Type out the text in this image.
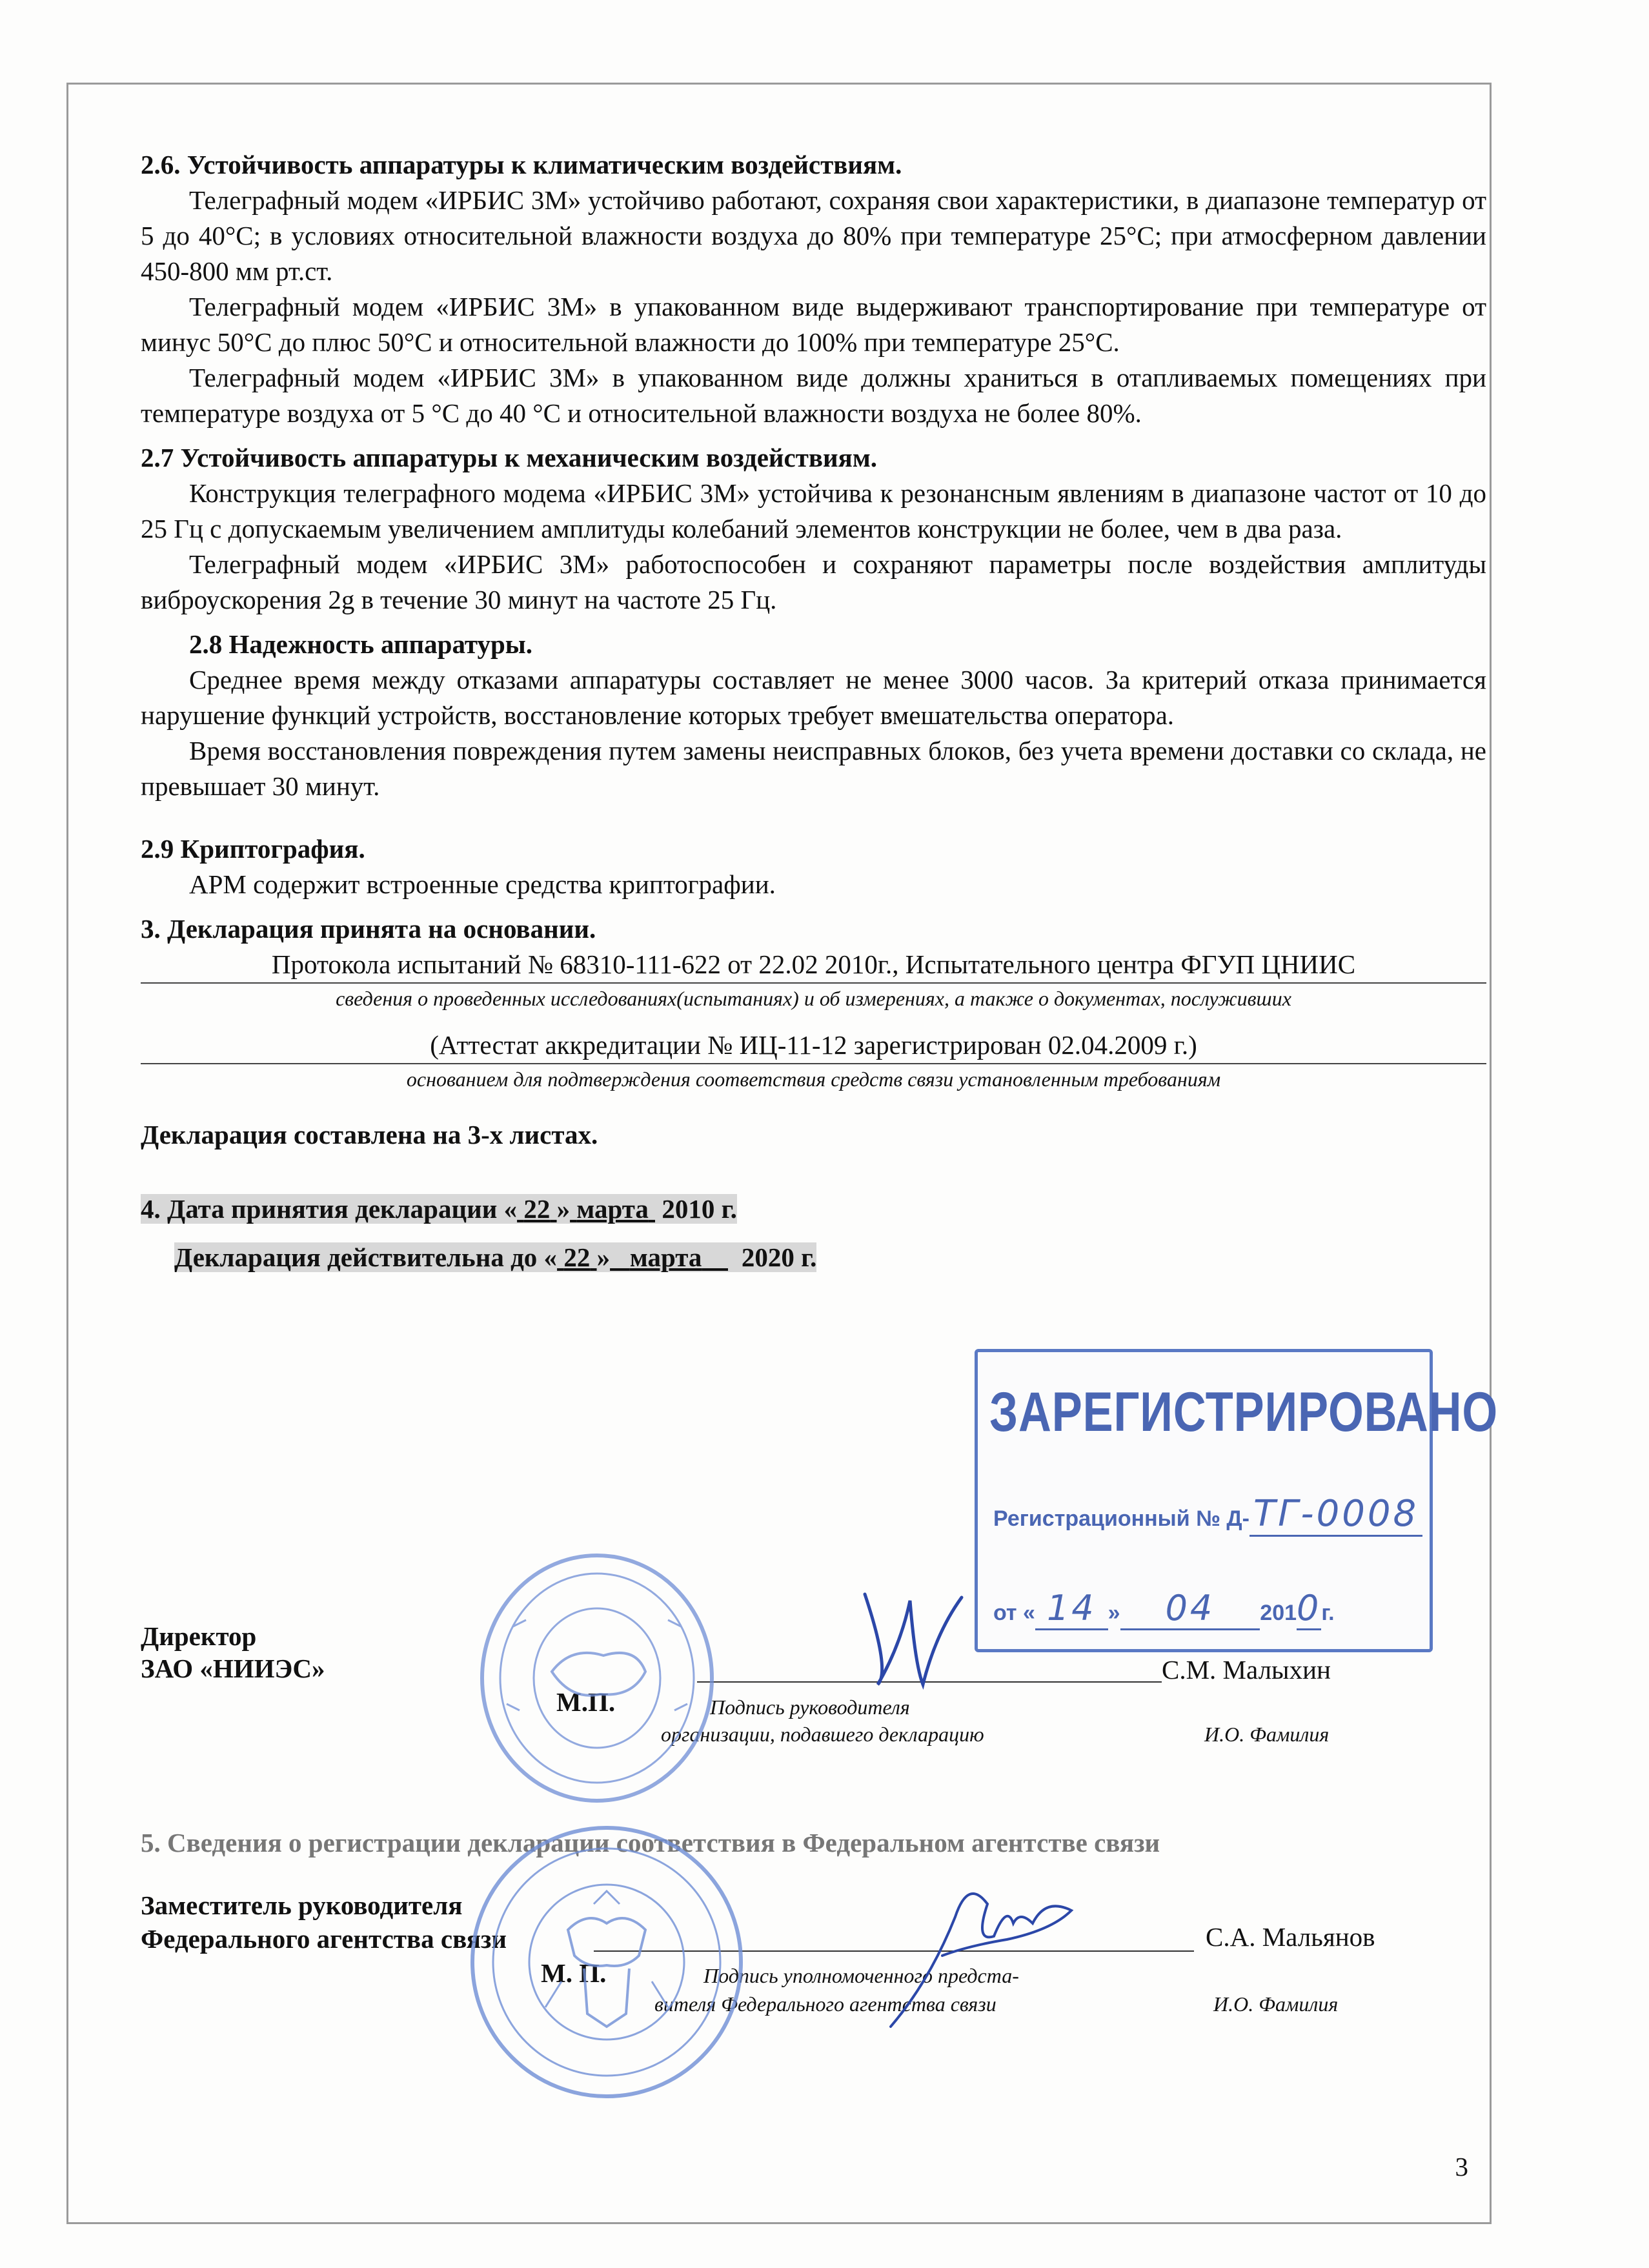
2.6. Устойчивость аппаратуры к климатическим воздействиям.

Телеграфный модем «ИРБИС 3М» устойчиво работают, сохраняя свои характеристики, в диапазоне температур от 5 до 40°С; в условиях относительной влажности воздуха до 80% при температуре 25°С; при атмосферном давлении 450-800 мм рт.ст.

Телеграфный модем «ИРБИС 3М» в упакованном виде выдерживают транспортирование при температуре от минус 50°С до плюс 50°С и относительной влажности до 100% при температуре 25°С.

Телеграфный модем «ИРБИС 3М» в упакованном виде должны храниться в отапливаемых помещениях при температуре воздуха от 5 °С до 40 °С и относительной влажности воздуха не более 80%.

2.7 Устойчивость аппаратуры к механическим воздействиям.

Конструкция телеграфного модема «ИРБИС 3М» устойчива к резонансным явлениям в диапазоне частот от 10 до 25 Гц с допускаемым увеличением амплитуды колебаний элементов конструкции не более, чем в два раза.

Телеграфный модем «ИРБИС 3М» работоспособен и сохраняют параметры после воздействия амплитуды виброускорения 2g в течение 30 минут на частоте 25 Гц.

2.8 Надежность аппаратуры.

Среднее время между отказами аппаратуры составляет не менее 3000 часов. За критерий отказа принимается нарушение функций устройств, восстановление которых требует вмешательства оператора.

Время восстановления повреждения путем замены неисправных блоков, без учета времени доставки со склада, не превышает 30 минут.

2.9 Криптография.

АРМ содержит встроенные средства криптографии.

3. Декларация принята на основании.

Протокола испытаний № 68310-111-622 от 22.02 2010г., Испытательного центра ФГУП ЦНИИС
сведения о проведенных исследованиях(испытаниях) и об измерениях, а также о документах, послуживших
(Аттестат аккредитации № ИЦ-11-12 зарегистрирован 02.04.2009 г.)
основанием для подтверждения соответствия средств связи установленным требованиям

Декларация составлена на 3-х листах.

4. Дата принятия декларации « 22 » марта 2010 г.

Декларация действительна до « 22 » марта 2020 г.

Директор
ЗАО «НИИЭС»	С.М. Малыхин
М.П.	Подпись руководителя
организации, подавшего декларацию	И.О. Фамилия
5. Сведения о регистрации декларации соответствия в Федеральном агентстве связи
Заместитель руководителя
Федерального агентства связи	С.А. Мальянов
М. П.	Подпись уполномоченного предста-
вителя Федерального агентства связи	И.О. Фамилия
ЗАРЕГИСТРИРОВАНО
Регистрационный № Д- ТГ-0008
от « 14 » 04 2010г.
3
